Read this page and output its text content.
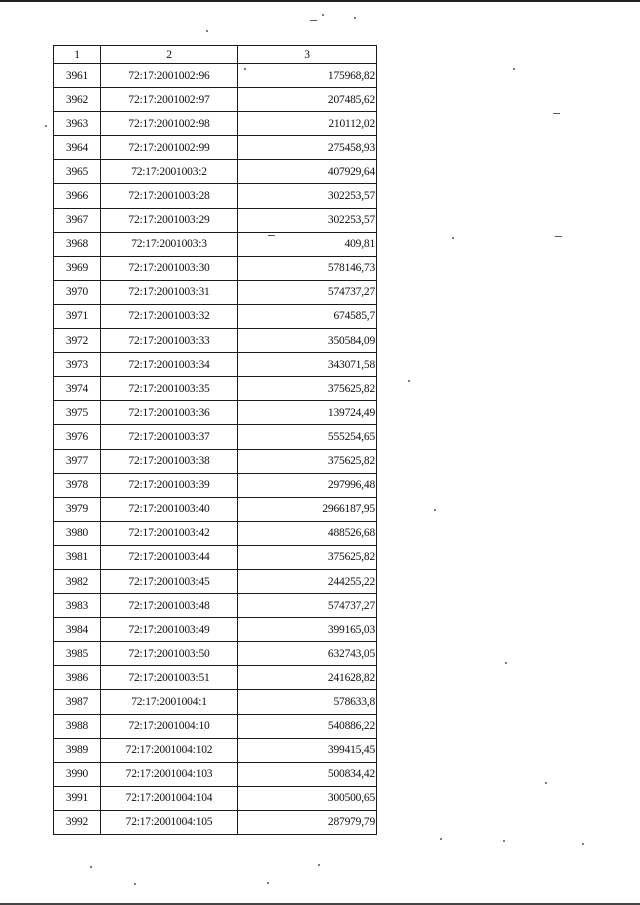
1	2	3
3961	72:17:2001002:96	175968,82
3962	72:17:2001002:97	207485,62
3963	72:17:2001002:98	210112,02
3964	72:17:2001002:99	275458,93
3965	72:17:2001003:2	407929,64
3966	72:17:2001003:28	302253,57
3967	72:17:2001003:29	302253,57
3968	72:17:2001003:3	409,81
3969	72:17:2001003:30	578146,73
3970	72:17:2001003:31	574737,27
3971	72:17:2001003:32	674585,7
3972	72:17:2001003:33	350584,09
3973	72:17:2001003:34	343071,58
3974	72:17:2001003:35	375625,82
3975	72:17:2001003:36	139724,49
3976	72:17:2001003:37	555254,65
3977	72:17:2001003:38	375625,82
3978	72:17:2001003:39	297996,48
3979	72:17:2001003:40	2966187,95
3980	72:17:2001003:42	488526,68
3981	72:17:2001003:44	375625,82
3982	72:17:2001003:45	244255,22
3983	72:17:2001003:48	574737,27
3984	72:17:2001003:49	399165,03
3985	72:17:2001003:50	632743,05
3986	72:17:2001003:51	241628,82
3987	72:17:2001004:1	578633,8
3988	72:17:2001004:10	540886,22
3989	72:17:2001004:102	399415,45
3990	72:17:2001004:103	500834,42
3991	72:17:2001004:104	300500,65
3992	72:17:2001004:105	287979,79
